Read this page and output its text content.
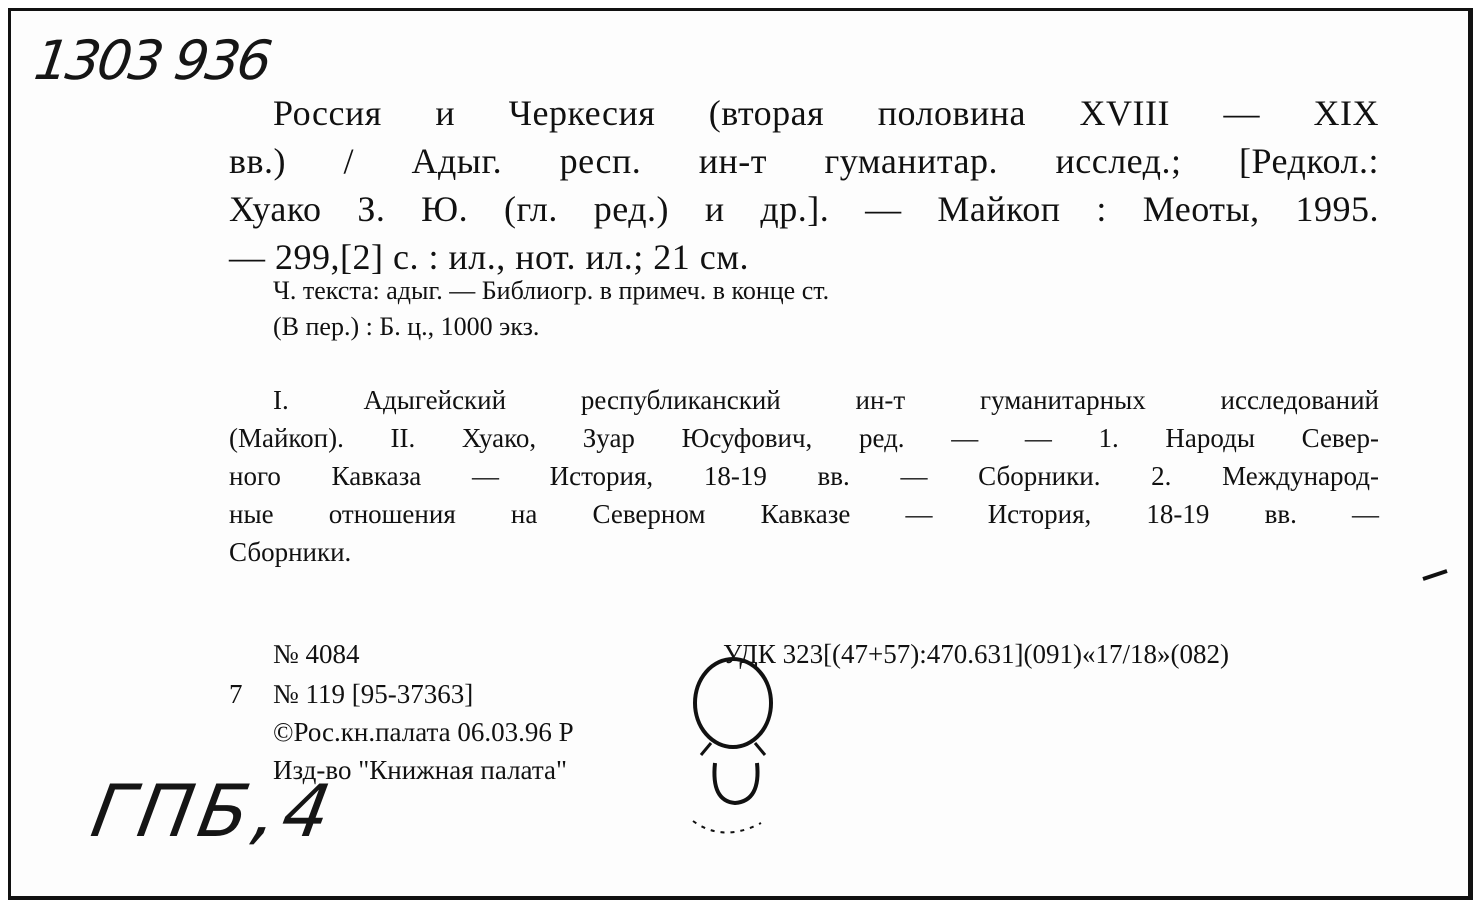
1303 936
Россия и Черкесия (вторая половина XVIII — XIX
вв.) / Адыг. респ. ин-т гуманитар. исслед.; [Редкол.:
Хуако З. Ю. (гл. ред.) и др.]. — Майкоп : Меоты, 1995.
— 299,[2] с. : ил., нот. ил.; 21 см.
Ч. текста: адыг. — Библиогр. в примеч. в конце ст.
(В пер.) : Б. ц., 1000 экз.
I. Адыгейский республиканский ин-т гуманитарных исследований
(Майкоп). II. Хуако, Зуар Юсуфович, ред. — — 1. Народы Север-
ного Кавказа — История, 18-19 вв. — Сборники. 2. Международ-
ные отношения на Северном Кавказе — История, 18-19 вв. —
Сборники.
№ 4084	УДК 323[(47+57):470.631](091)«17/18»(082)
7 № 119 [95-37363]
©Рос.кн.палата 06.03.96 Р
Изд-во "Книжная палата"
ГПБ,4
